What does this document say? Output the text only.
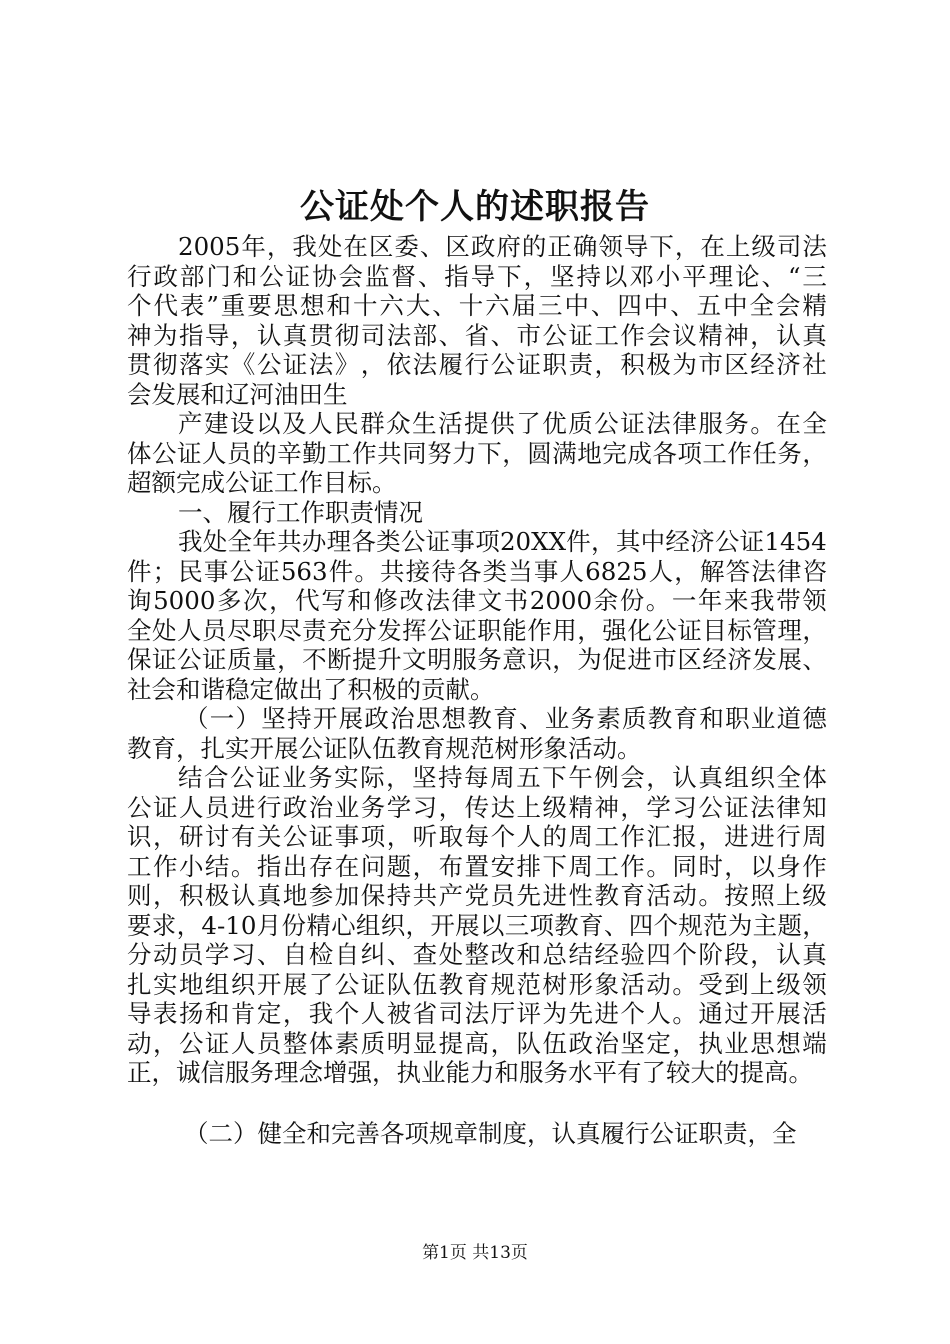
公证处个人的述职报告
2005 年 ， 我 处 在 区 委 、 区 政 府 的 正 确 领 导 下 ， 在 上 级 司 法
行 政 部 门 和 公 证 协 会 监 督 、 指 导 下 ， 坚 持 以 邓 小 平 理 论 、 “ 三
个 代 表 ” 重 要 思 想 和 十 六 大 、 十 六 届 三 中 、 四 中 、 五 中 全 会 精
神 为 指 导 ， 认 真 贯 彻 司 法 部 、 省 、 市 公 证 工 作 会 议 精 神 ， 认 真
贯 彻 落 实 《 公 证 法 》 ， 依 法 履 行 公 证 职 责 ， 积 极 为 市 区 经 济 社
会发展和辽河油田生
产 建 设 以 及 人 民 群 众 生 活 提 供 了 优 质 公 证 法 律 服 务 。 在 全
体 公 证 人 员 的 辛 勤 工 作 共 同 努 力 下 ， 圆 满 地 完 成 各 项 工 作 任 务 ，
超额完成公证工作目标。
一、履行工作职责情况
我 处 全 年 共 办 理 各 类 公 证 事 项 20XX 件 ， 其 中 经 济 公 证 1454
件 ； 民 事 公 证 563 件 。 共 接 待 各 类 当 事 人 6825 人 ， 解 答 法 律 咨
询 5000 多 次 ， 代 写 和 修 改 法 律 文 书 2000 余 份 。 一 年 来 我 带 领
全 处 人 员 尽 职 尽 责 充 分 发 挥 公 证 职 能 作 用 ， 强 化 公 证 目 标 管 理 ，
保 证 公 证 质 量 ， 不 断 提 升 文 明 服 务 意 识 ， 为 促 进 市 区 经 济 发 展 、
社会和谐稳定做出了积极的贡献。
（ 一 ） 坚 持 开 展 政 治 思 想 教 育 、 业 务 素 质 教 育 和 职 业 道 德
教育，扎实开展公证队伍教育规范树形象活动。
结 合 公 证 业 务 实 际 ， 坚 持 每 周 五 下 午 例 会 ， 认 真 组 织 全 体
公 证 人 员 进 行 政 治 业 务 学 习 ， 传 达 上 级 精 神 ， 学 习 公 证 法 律 知
识 ， 研 讨 有 关 公 证 事 项 ， 听 取 每 个 人 的 周 工 作 汇 报 ， 进 进 行 周
工 作 小 结 。 指 出 存 在 问 题 ， 布 置 安 排 下 周 工 作 。 同 时 ， 以 身 作
则 ， 积 极 认 真 地 参 加 保 持 共 产 党 员 先 进 性 教 育 活 动 。 按 照 上 级
要 求 ， 4-10 月 份 精 心 组 织 ， 开 展 以 三 项 教 育 、 四 个 规 范 为 主 题 ，
分 动 员 学 习 、 自 检 自 纠 、 查 处 整 改 和 总 结 经 验 四 个 阶 段 ， 认 真
扎 实 地 组 织 开 展 了 公 证 队 伍 教 育 规 范 树 形 象 活 动 。 受 到 上 级 领
导 表 扬 和 肯 定 ， 我 个 人 被 省 司 法 厅 评 为 先 进 个 人 。 通 过 开 展 活
动 ， 公 证 人 员 整 体 素 质 明 显 提 高 ， 队 伍 政 治 坚 定 ， 执 业 思 想 端
正，诚信服务理念增强，执业能力和服务水平有了较大的提高。
（二）健全和完善各项规章制度，认真履行公证职责，全
第1页 共13页
